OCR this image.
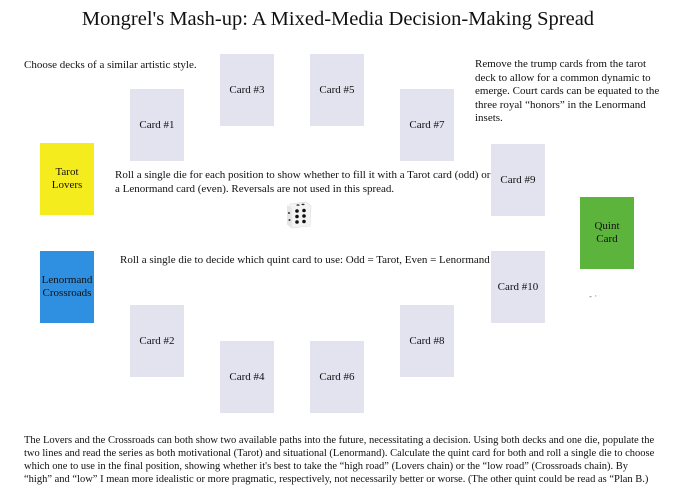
Mongrel's Mash-up: A Mixed-Media Decision-Making Spread
Choose decks of a similar artistic style.	Remove the trump cards from the tarot deck to allow for a common dynamic to emerge. Court cards can be equated to the three royal “honors” in the Lenormand insets.
Roll a single die for each position to show whether to fill it with a Tarot card (odd) or a Lenormand card (even). Reversals are not used in this spread.
Roll a single die to decide which quint card to use: Odd = Tarot, Even = Lenormand
The Lovers and the Crossroads can both show two available paths into the future, necessitating a decision. Using both decks and one die, populate the two lines and read the series as both motivational (Tarot) and situational (Lenormand). Calculate the quint card for both and roll a single die to choose which one to use in the final position, showing whether it's best to take the “high road” (Lovers chain) or the “low road” (Crossroads chain). By “high” and “low” I mean more idealistic or more pragmatic, respectively, not necessarily better or worse. (The other quint could be read as “Plan B.)
Tarot
Lovers
Lenormand
Crossroads
Quint
Card
Card #1
Card #2
Card #3
Card #4
Card #5
Card #6
Card #7
Card #8
Card #9
Card #10
- ·
